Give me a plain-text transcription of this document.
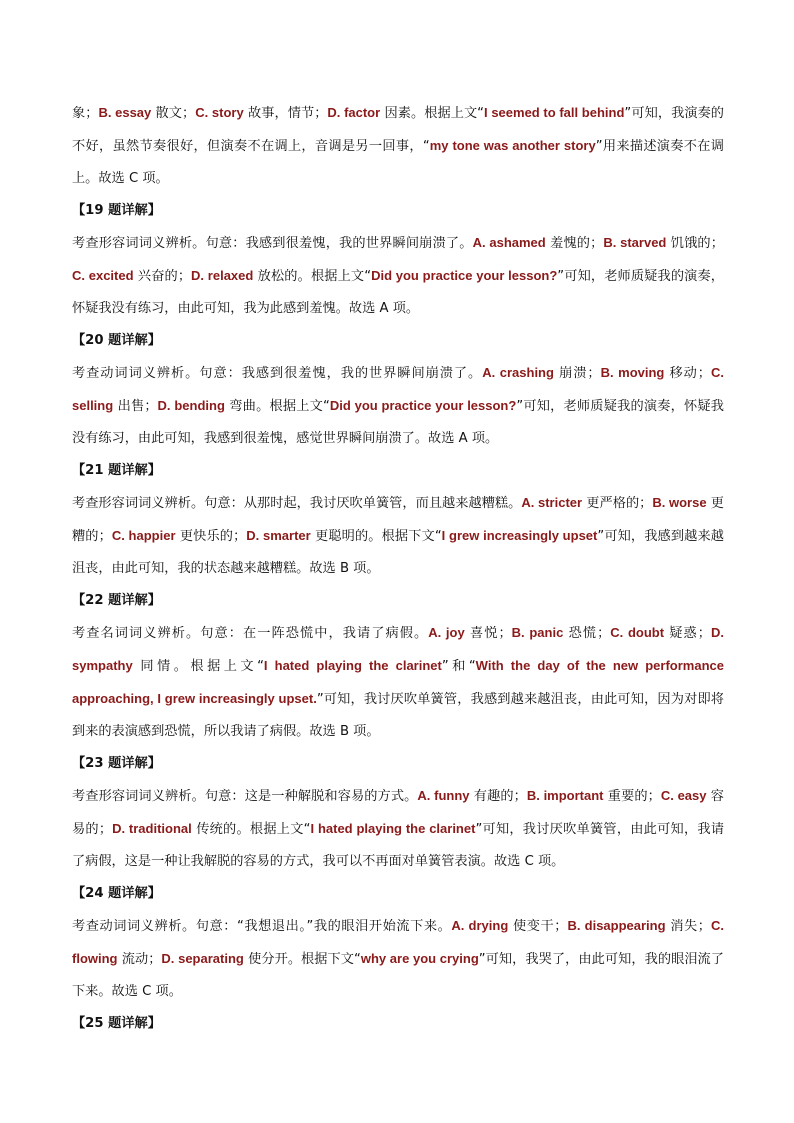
象；B. essay 散文；C. story 故事，情节；D. factor 因素。根据上文“I seemed to fall behind”可知，我演奏的不好，虽然节奏很好，但演奏不在调上，音调是另一回事，“my tone was another story”用来描述演奏不在调上。故选 C 项。

【19 题详解】

考查形容词词义辨析。句意：我感到很羞愧，我的世界瞬间崩溃了。A. ashamed 羞愧的；B. starved 饥饿的；C. excited 兴奋的；D. relaxed 放松的。根据上文“Did you practice your lesson?”可知，老师质疑我的演奏，怀疑我没有练习，由此可知，我为此感到羞愧。故选 A 项。

【20 题详解】

考查动词词义辨析。句意：我感到很羞愧，我的世界瞬间崩溃了。A. crashing 崩溃；B. moving 移动；C. selling 出售；D. bending 弯曲。根据上文“Did you practice your lesson?”可知，老师质疑我的演奏，怀疑我没有练习，由此可知，我感到很羞愧，感觉世界瞬间崩溃了。故选 A 项。

【21 题详解】

考查形容词词义辨析。句意：从那时起，我讨厌吹单簧管，而且越来越糟糕。A. stricter 更严格的；B. worse 更糟的；C. happier 更快乐的；D. smarter 更聪明的。根据下文“I grew increasingly upset”可知，我感到越来越沮丧，由此可知，我的状态越来越糟糕。故选 B 项。

【22 题详解】

考查名词词义辨析。句意：在一阵恐慌中，我请了病假。A. joy 喜悦；B. panic 恐慌；C. doubt 疑惑；D. sympathy 同情。根据上文“I hated playing the clarinet”和“With the day of the new performance approaching, I grew increasingly upset.”可知，我讨厌吹单簧管，我感到越来越沮丧，由此可知，因为对即将到来的表演感到恐慌，所以我请了病假。故选 B 项。

【23 题详解】

考查形容词词义辨析。句意：这是一种解脱和容易的方式。A. funny 有趣的；B. important 重要的；C. easy 容易的；D. traditional 传统的。根据上文“I hated playing the clarinet”可知，我讨厌吹单簧管，由此可知，我请了病假，这是一种让我解脱的容易的方式，我可以不再面对单簧管表演。故选 C 项。

【24 题详解】

考查动词词义辨析。句意：“我想退出。”我的眼泪开始流下来。A. drying 使变干；B. disappearing 消失；C. flowing 流动；D. separating 使分开。根据下文“why are you crying”可知，我哭了，由此可知，我的眼泪流了下来。故选 C 项。

【25 题详解】
